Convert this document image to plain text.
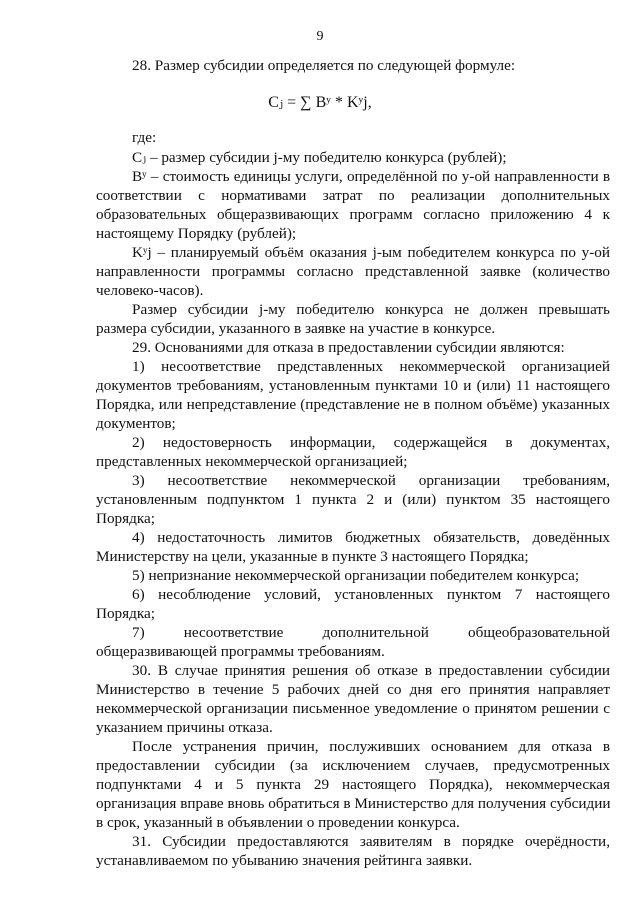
9
28. Размер субсидии определяется по следующей формуле:
Cⱼ = ∑ Bʸ * Kʸj,
где:
Cⱼ – размер субсидии j-му победителю конкурса (рублей);
Bʸ – стоимость единицы услуги, определённой по y-ой направленности в
соответствии с нормативами затрат по реализации дополнительных
образовательных общеразвивающих программ согласно приложению 4 к
настоящему Порядку (рублей);
Kʸj – планируемый объём оказания j-ым победителем конкурса по y-ой
направленности программы согласно представленной заявке (количество
человеко-часов).
Размер субсидии j-му победителю конкурса не должен превышать
размера субсидии, указанного в заявке на участие в конкурсе.
29. Основаниями для отказа в предоставлении субсидии являются:
1) несоответствие представленных некоммерческой организацией
документов требованиям, установленным пунктами 10 и (или) 11 настоящего
Порядка, или непредставление (представление не в полном объёме) указанных
документов;
2) недостоверность информации, содержащейся в документах,
представленных некоммерческой организацией;
3) несоответствие некоммерческой организации требованиям,
установленным подпунктом 1 пункта 2 и (или) пунктом 35 настоящего
Порядка;
4) недостаточность лимитов бюджетных обязательств, доведённых
Министерству на цели, указанные в пункте 3 настоящего Порядка;
5) непризнание некоммерческой организации победителем конкурса;
6) несоблюдение условий, установленных пунктом 7 настоящего
Порядка;
7) несоответствие дополнительной общеобразовательной
общеразвивающей программы требованиям.
30. В случае принятия решения об отказе в предоставлении субсидии
Министерство в течение 5 рабочих дней со дня его принятия направляет
некоммерческой организации письменное уведомление о принятом решении с
указанием причины отказа.
После устранения причин, послуживших основанием для отказа в
предоставлении субсидии (за исключением случаев, предусмотренных
подпунктами 4 и 5 пункта 29 настоящего Порядка), некоммерческая
организация вправе вновь обратиться в Министерство для получения субсидии
в срок, указанный в объявлении о проведении конкурса.
31. Субсидии предоставляются заявителям в порядке очерёдности,
устанавливаемом по убыванию значения рейтинга заявки.
